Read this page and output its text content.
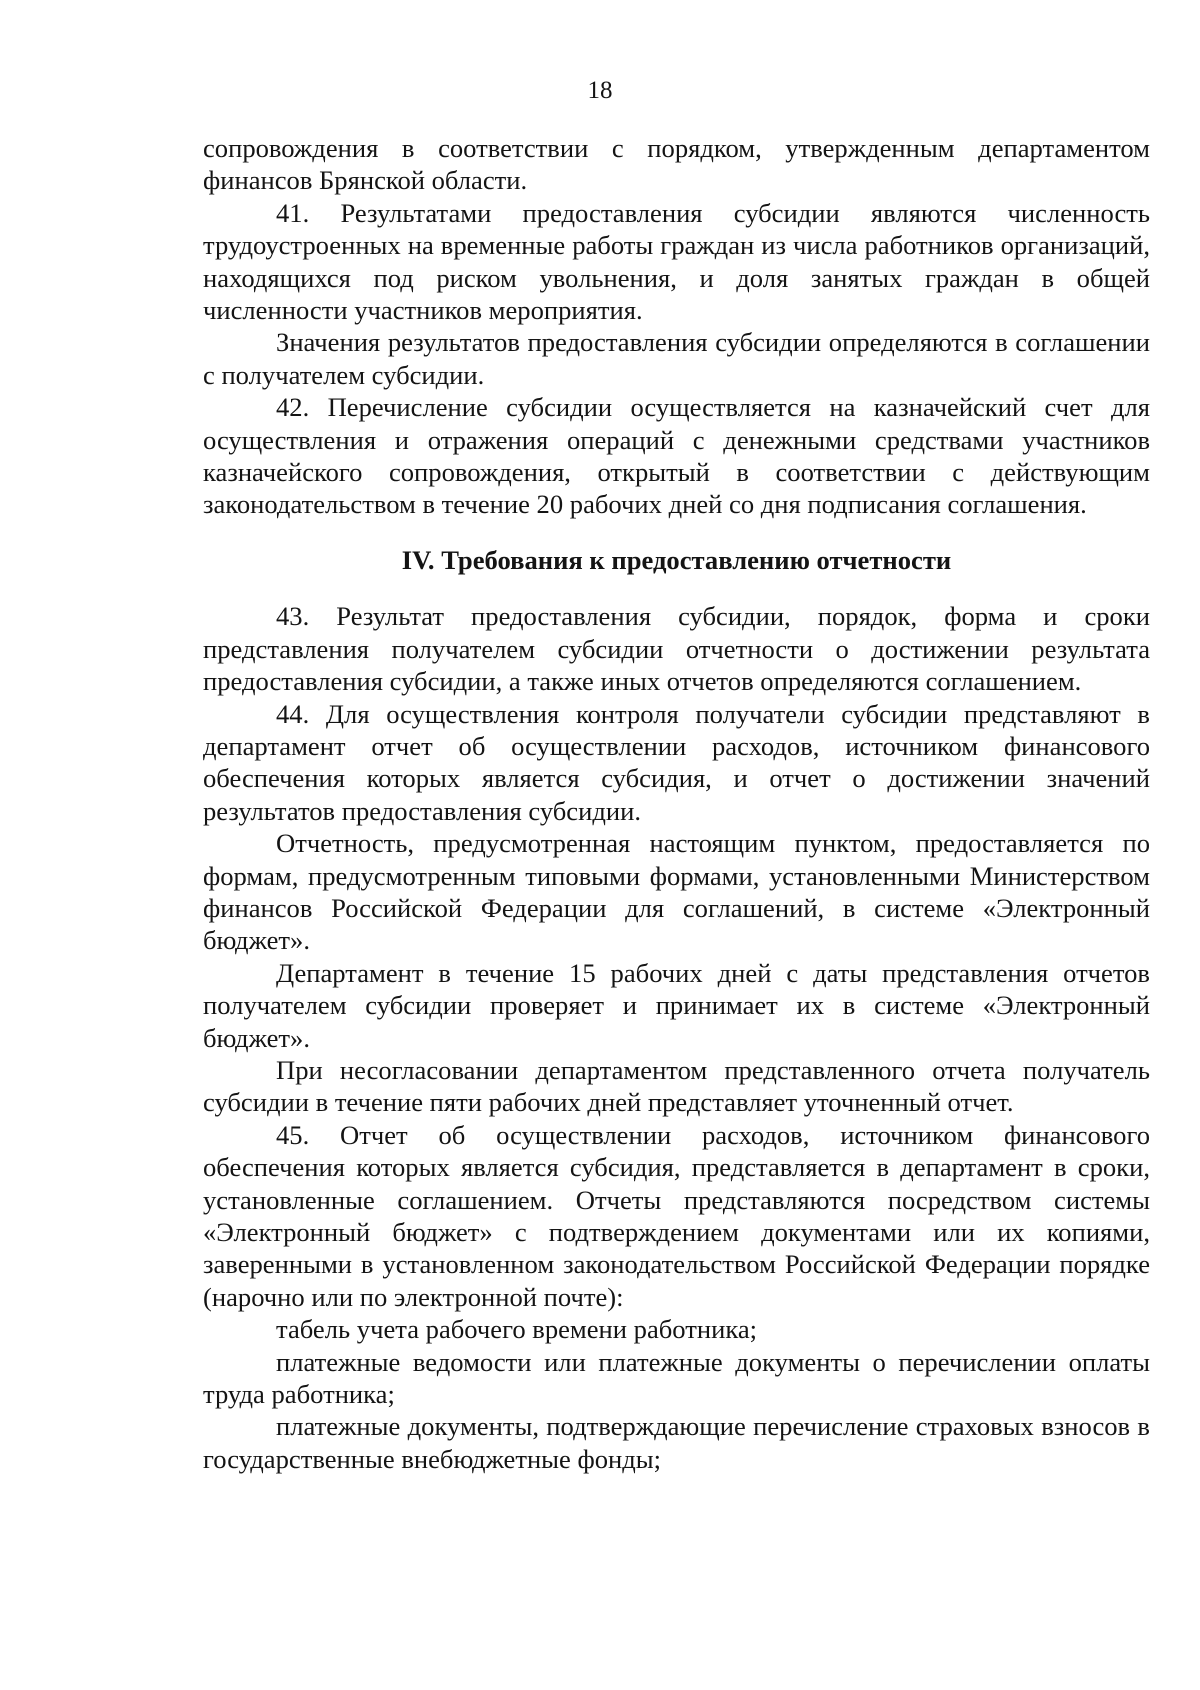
18

сопровождения в соответствии с порядком, утвержденным департаментом финансов Брянской области.

41. Результатами предоставления субсидии являются численность трудоустроенных на временные работы граждан из числа работников организаций, находящихся под риском увольнения, и доля занятых граждан в общей численности участников мероприятия.

Значения результатов предоставления субсидии определяются в соглашении с получателем субсидии.

42. Перечисление субсидии осуществляется на казначейский счет для осуществления и отражения операций с денежными средствами участников казначейского сопровождения, открытый в соответствии с действующим законодательством в течение 20 рабочих дней со дня подписания соглашения.

IV. Требования к предоставлению отчетности

43. Результат предоставления субсидии, порядок, форма и сроки представления получателем субсидии отчетности о достижении результата предоставления субсидии, а также иных отчетов определяются соглашением.

44. Для осуществления контроля получатели субсидии представляют в департамент отчет об осуществлении расходов, источником финансового обеспечения которых является субсидия, и отчет о достижении значений результатов предоставления субсидии.

Отчетность, предусмотренная настоящим пунктом, предоставляется по формам, предусмотренным типовыми формами, установленными Министерством финансов Российской Федерации для соглашений, в системе «Электронный бюджет».

Департамент в течение 15 рабочих дней с даты представления отчетов получателем субсидии проверяет и принимает их в системе «Электронный бюджет».

При несогласовании департаментом представленного отчета получатель субсидии в течение пяти рабочих дней представляет уточненный отчет.

45. Отчет об осуществлении расходов, источником финансового обеспечения которых является субсидия, представляется в департамент в сроки, установленные соглашением. Отчеты представляются посредством системы «Электронный бюджет» с подтверждением документами или их копиями, заверенными в установленном законодательством Российской Федерации порядке (нарочно или по электронной почте):

табель учета рабочего времени работника;

платежные ведомости или платежные документы о перечислении оплаты труда работника;

платежные документы, подтверждающие перечисление страховых взносов в государственные внебюджетные фонды;
